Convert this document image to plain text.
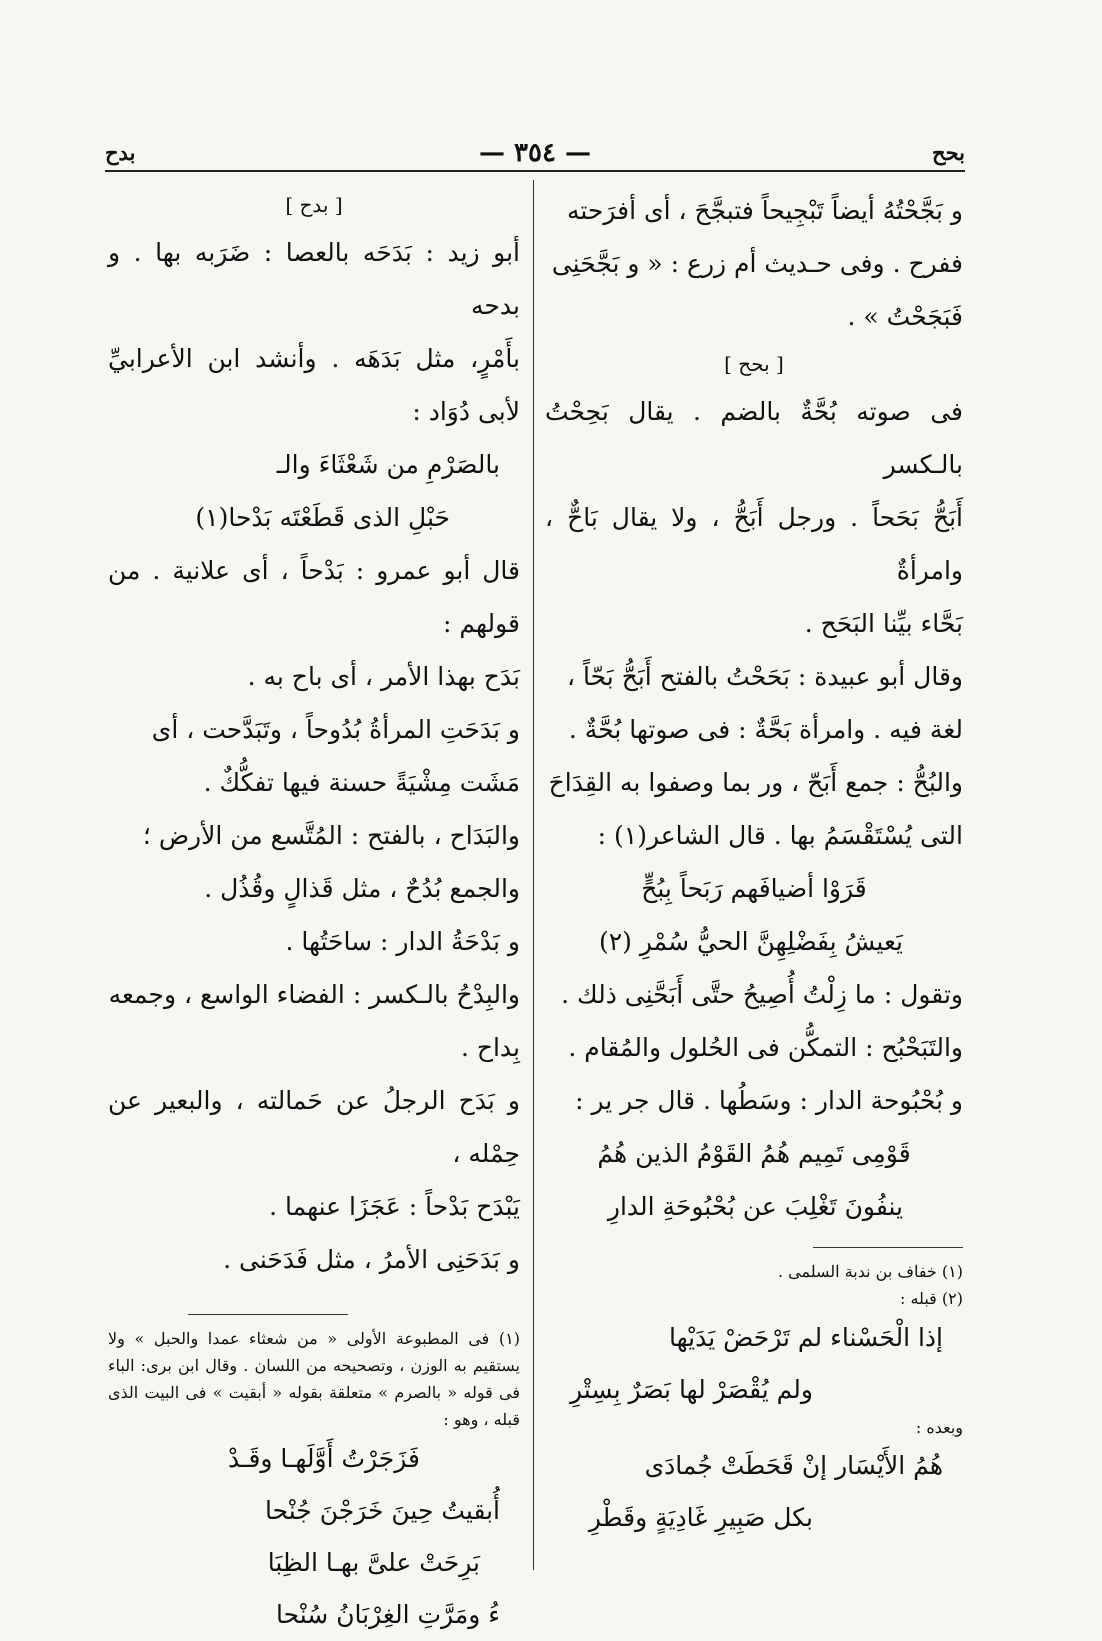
بحح
— ٣٥٤ —
بدح

و بَجَّحْتُهُ أيضاً تَبْجِيحاً فتبجَّحَ ، أى أفرَحته

ففرح . وفى حـديث أم زرع : « و بَجَّحَنِى

فَبَجَحْتُ » .

[ بحح ]

فى صوته بُحَّةٌ بالضم . يقال بَحِحْتُ بالـكسر

أَبَحُّ بَحَحاً . ورجل أَبَحُّ ، ولا يقال بَاحٌّ ، وامرأةٌ

بَحَّاء بيِّنا البَحَح .

وقال أبو عبيدة : بَحَحْتُ بالفتح أَبَحُّ بَحّاً ،

لغة فيه . وامرأة بَحَّةٌ : فى صوتها بُحَّةٌ .

والبُحُّ : جمع أَبَحّ ، ور بما وصفوا به القِدَاحَ

التى يُسْتَقْسَمُ بها . قال الشاعر(١) :

قَرَوْا أضيافَهم رَبَحاً بِبُحٍّ

يَعيشُ بِفَضْلِهِنَّ الحيُّ سُمْرِ (٢)

وتقول : ما زِلْتُ أُصِيحُ حتَّى أَبَحَّنِى ذلك .

والتَبَحْبُح : التمكُّن فى الحُلول والمُقام .

و بُحْبُوحة الدار : وسَطُها . قال جر ير :

قَوْمِى تَمِيم هُمُ القَوْمُ الذين هُمُ

ينفُونَ تَغْلِبَ عن بُحْبُوحَةِ الدارِ

(١) خفاف بن ندبة السلمى .

(٢) قبله :

إذا الْحَسْناء لم تَرْحَضْ يَدَيْها

ولم يُقْصَرْ لها بَصَرٌ بِسِتْرِ

وبعده :

هُمُ الأَيْسَار إنْ قَحَطَتْ جُمادَى

بكل صَبِيرِ غَادِيَةٍ وقَطْرِ

[ بدح ]

أبو زيد : بَدَحَه بالعصا : ضَرَبه بها . و بدحه

بأَمْرٍ، مثل بَدَهَه . وأنشد ابن الأعرابيِّ لأبى دُوَاد :

بالصَرْمِ من شَعْثَاءَ والـ

حَبْلِ الذى قَطَعْتَه بَدْحا(١)

قال أبو عمرو : بَدْحاً ، أى علانية . من قولهم :

بَدَح بهذا الأمر ، أى باح به .

و بَدَحَتِ المرأةُ بُدُوحاً ، وتَبَدَّحت ، أى

مَشَت مِشْيَةً حسنة فيها تفكُّكٌ .

والبَدَاح ، بالفتح : المُتَّسع من الأرض ؛

والجمع بُدُحٌ ، مثل قَذالٍ وقُذُل .

و بَدْحَةُ الدار : ساحَتُها .

والبِدْحُ بالـكسر : الفضاء الواسع ، وجمعه

بِداح .

و بَدَح الرجلُ عن حَمالته ، والبعير عن حِمْله ،

يَبْدَح بَدْحاً : عَجَزَا عنهما .

و بَدَحَنِى الأمرُ ، مثل فَدَحَنى .

(١) فى المطبوعة الأولى « من شعثاء عمدا والحبل » ولا يستقيم به الوزن ، وتصحيحه من اللسان . وقال ابن برى: الباء فى قوله « بالصرم » متعلقة بقوله « أبقيت » فى البيت الذى قبله ، وهو :

فَزَجَرْتُ أَوَّلَهـا وقَـدْ

أُبقيتُ حِينَ خَرَجْنَ جُنْحا

بَرِحَتْ علىَّ بهـا الظِبَا

ءُ ومَرَّتِ الغِرْبَانُ سُنْحا
